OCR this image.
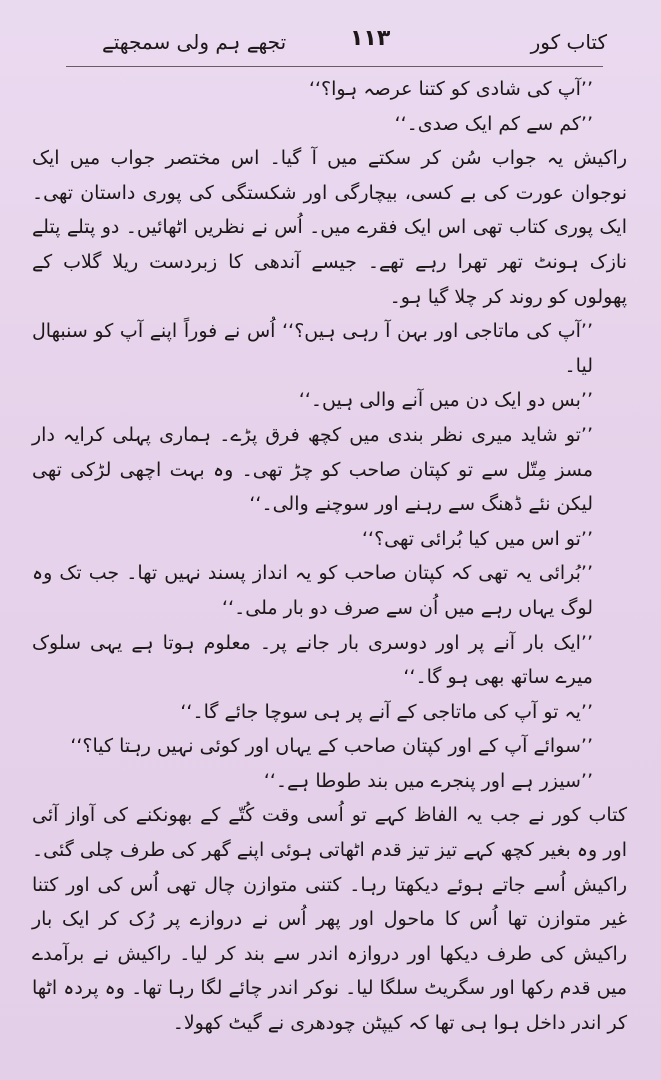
کتاب کور
۱۱۳
تجھے ہم ولی سمجھتے

’’آپ کی شادی کو کتنا عرصہ ہوا؟‘‘

’’کم سے کم ایک صدی۔‘‘

راکیش یہ جواب سُن کر سکتے میں آ گیا۔ اس مختصر جواب میں ایک نوجوان عورت کی بے کسی، بیچارگی اور شکستگی کی پوری داستان تھی۔ ایک پوری کتاب تھی اس ایک فقرے میں۔ اُس نے نظریں اٹھائیں۔ دو پتلے پتلے نازک ہونٹ تھر تھرا رہے تھے۔ جیسے آندھی کا زبردست ریلا گلاب کے پھولوں کو روند کر چلا گیا ہو۔

’’آپ کی ماتاجی اور بہن آ رہی ہیں؟‘‘ اُس نے فوراً اپنے آپ کو سنبھال لیا۔

’’بس دو ایک دن میں آنے والی ہیں۔‘‘

’’تو شاید میری نظر بندی میں کچھ فرق پڑے۔ ہماری پہلی کرایہ دار مسز مِتّل سے تو کپتان صاحب کو چڑ تھی۔ وہ بہت اچھی لڑکی تھی لیکن نئے ڈھنگ سے رہنے اور سوچنے والی۔‘‘

’’تو اس میں کیا بُرائی تھی؟‘‘

’’بُرائی یہ تھی کہ کپتان صاحب کو یہ انداز پسند نہیں تھا۔ جب تک وہ لوگ یہاں رہے میں اُن سے صرف دو بار ملی۔‘‘

’’ایک بار آنے پر اور دوسری بار جانے پر۔ معلوم ہوتا ہے یہی سلوک میرے ساتھ بھی ہو گا۔‘‘

’’یہ تو آپ کی ماتاجی کے آنے پر ہی سوچا جائے گا۔‘‘

’’سوائے آپ کے اور کپتان صاحب کے یہاں اور کوئی نہیں رہتا کیا؟‘‘

’’سیزر ہے اور پنجرے میں بند طوطا ہے۔‘‘

کتاب کور نے جب یہ الفاظ کہے تو اُسی وقت کُتّے کے بھونکنے کی آواز آئی اور وہ بغیر کچھ کہے تیز تیز قدم اٹھاتی ہوئی اپنے گھر کی طرف چلی گئی۔ راکیش اُسے جاتے ہوئے دیکھتا رہا۔ کتنی متوازن چال تھی اُس کی اور کتنا غیر متوازن تھا اُس کا ماحول اور پھر اُس نے دروازے پر رُک کر ایک بار راکیش کی طرف دیکھا اور دروازہ اندر سے بند کر لیا۔ راکیش نے برآمدے میں قدم رکھا اور سگریٹ سلگا لیا۔ نوکر اندر چائے لگا رہا تھا۔ وہ پردہ اٹھا کر اندر داخل ہوا ہی تھا کہ کیپٹن چودھری نے گیٹ کھولا۔
